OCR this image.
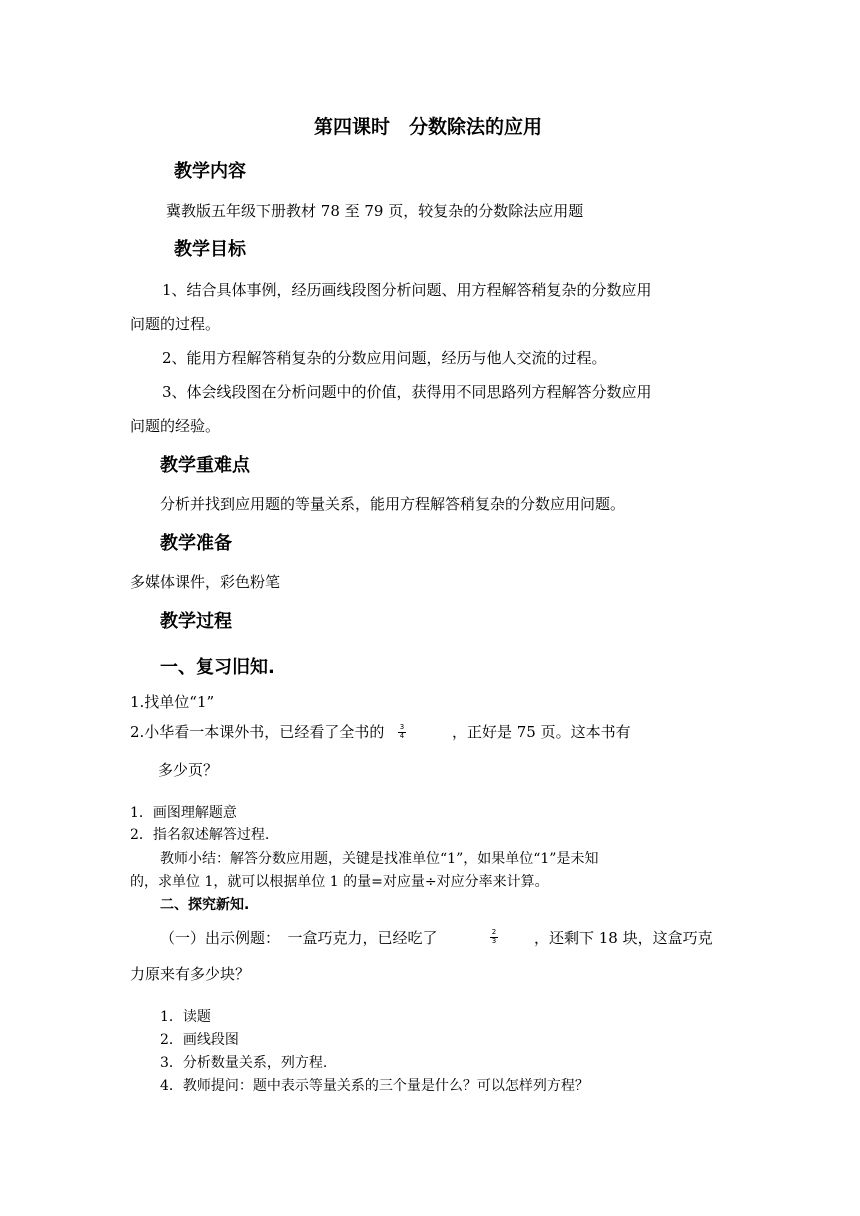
第四课时　分数除法的应用
教学内容
冀教版五年级下册教材 78 至 79 页，较复杂的分数除法应用题
教学目标
1、结合具体事例，经历画线段图分析问题、用方程解答稍复杂的分数应用
问题的过程。
2、能用方程解答稍复杂的分数应用问题，经历与他人交流的过程。
3、体会线段图在分析问题中的价值，获得用不同思路列方程解答分数应用
问题的经验。
教学重难点
分析并找到应用题的等量关系，能用方程解答稍复杂的分数应用问题。
教学准备
多媒体课件，彩色粉笔
教学过程
一、复习旧知.
1.找单位“1”
2.小华看一本课外书，已经看了全书的 3
4	，正好是 75 页。这本书有
多少页？
1．画图理解题意
2．指名叙述解答过程.
教师小结：解答分数应用题，关键是找准单位“1”，如果单位“1”是未知
的，求单位 1，就可以根据单位 1 的量=对应量÷对应分率来计算。
二、探究新知.
（一）出示例题：　一盒巧克力，已经吃了	2
3	，还剩下 18 块，这盒巧克
力原来有多少块？
1．读题
2．画线段图
3．分析数量关系，列方程.
4．教师提问：题中表示等量关系的三个量是什么？可以怎样列方程？
